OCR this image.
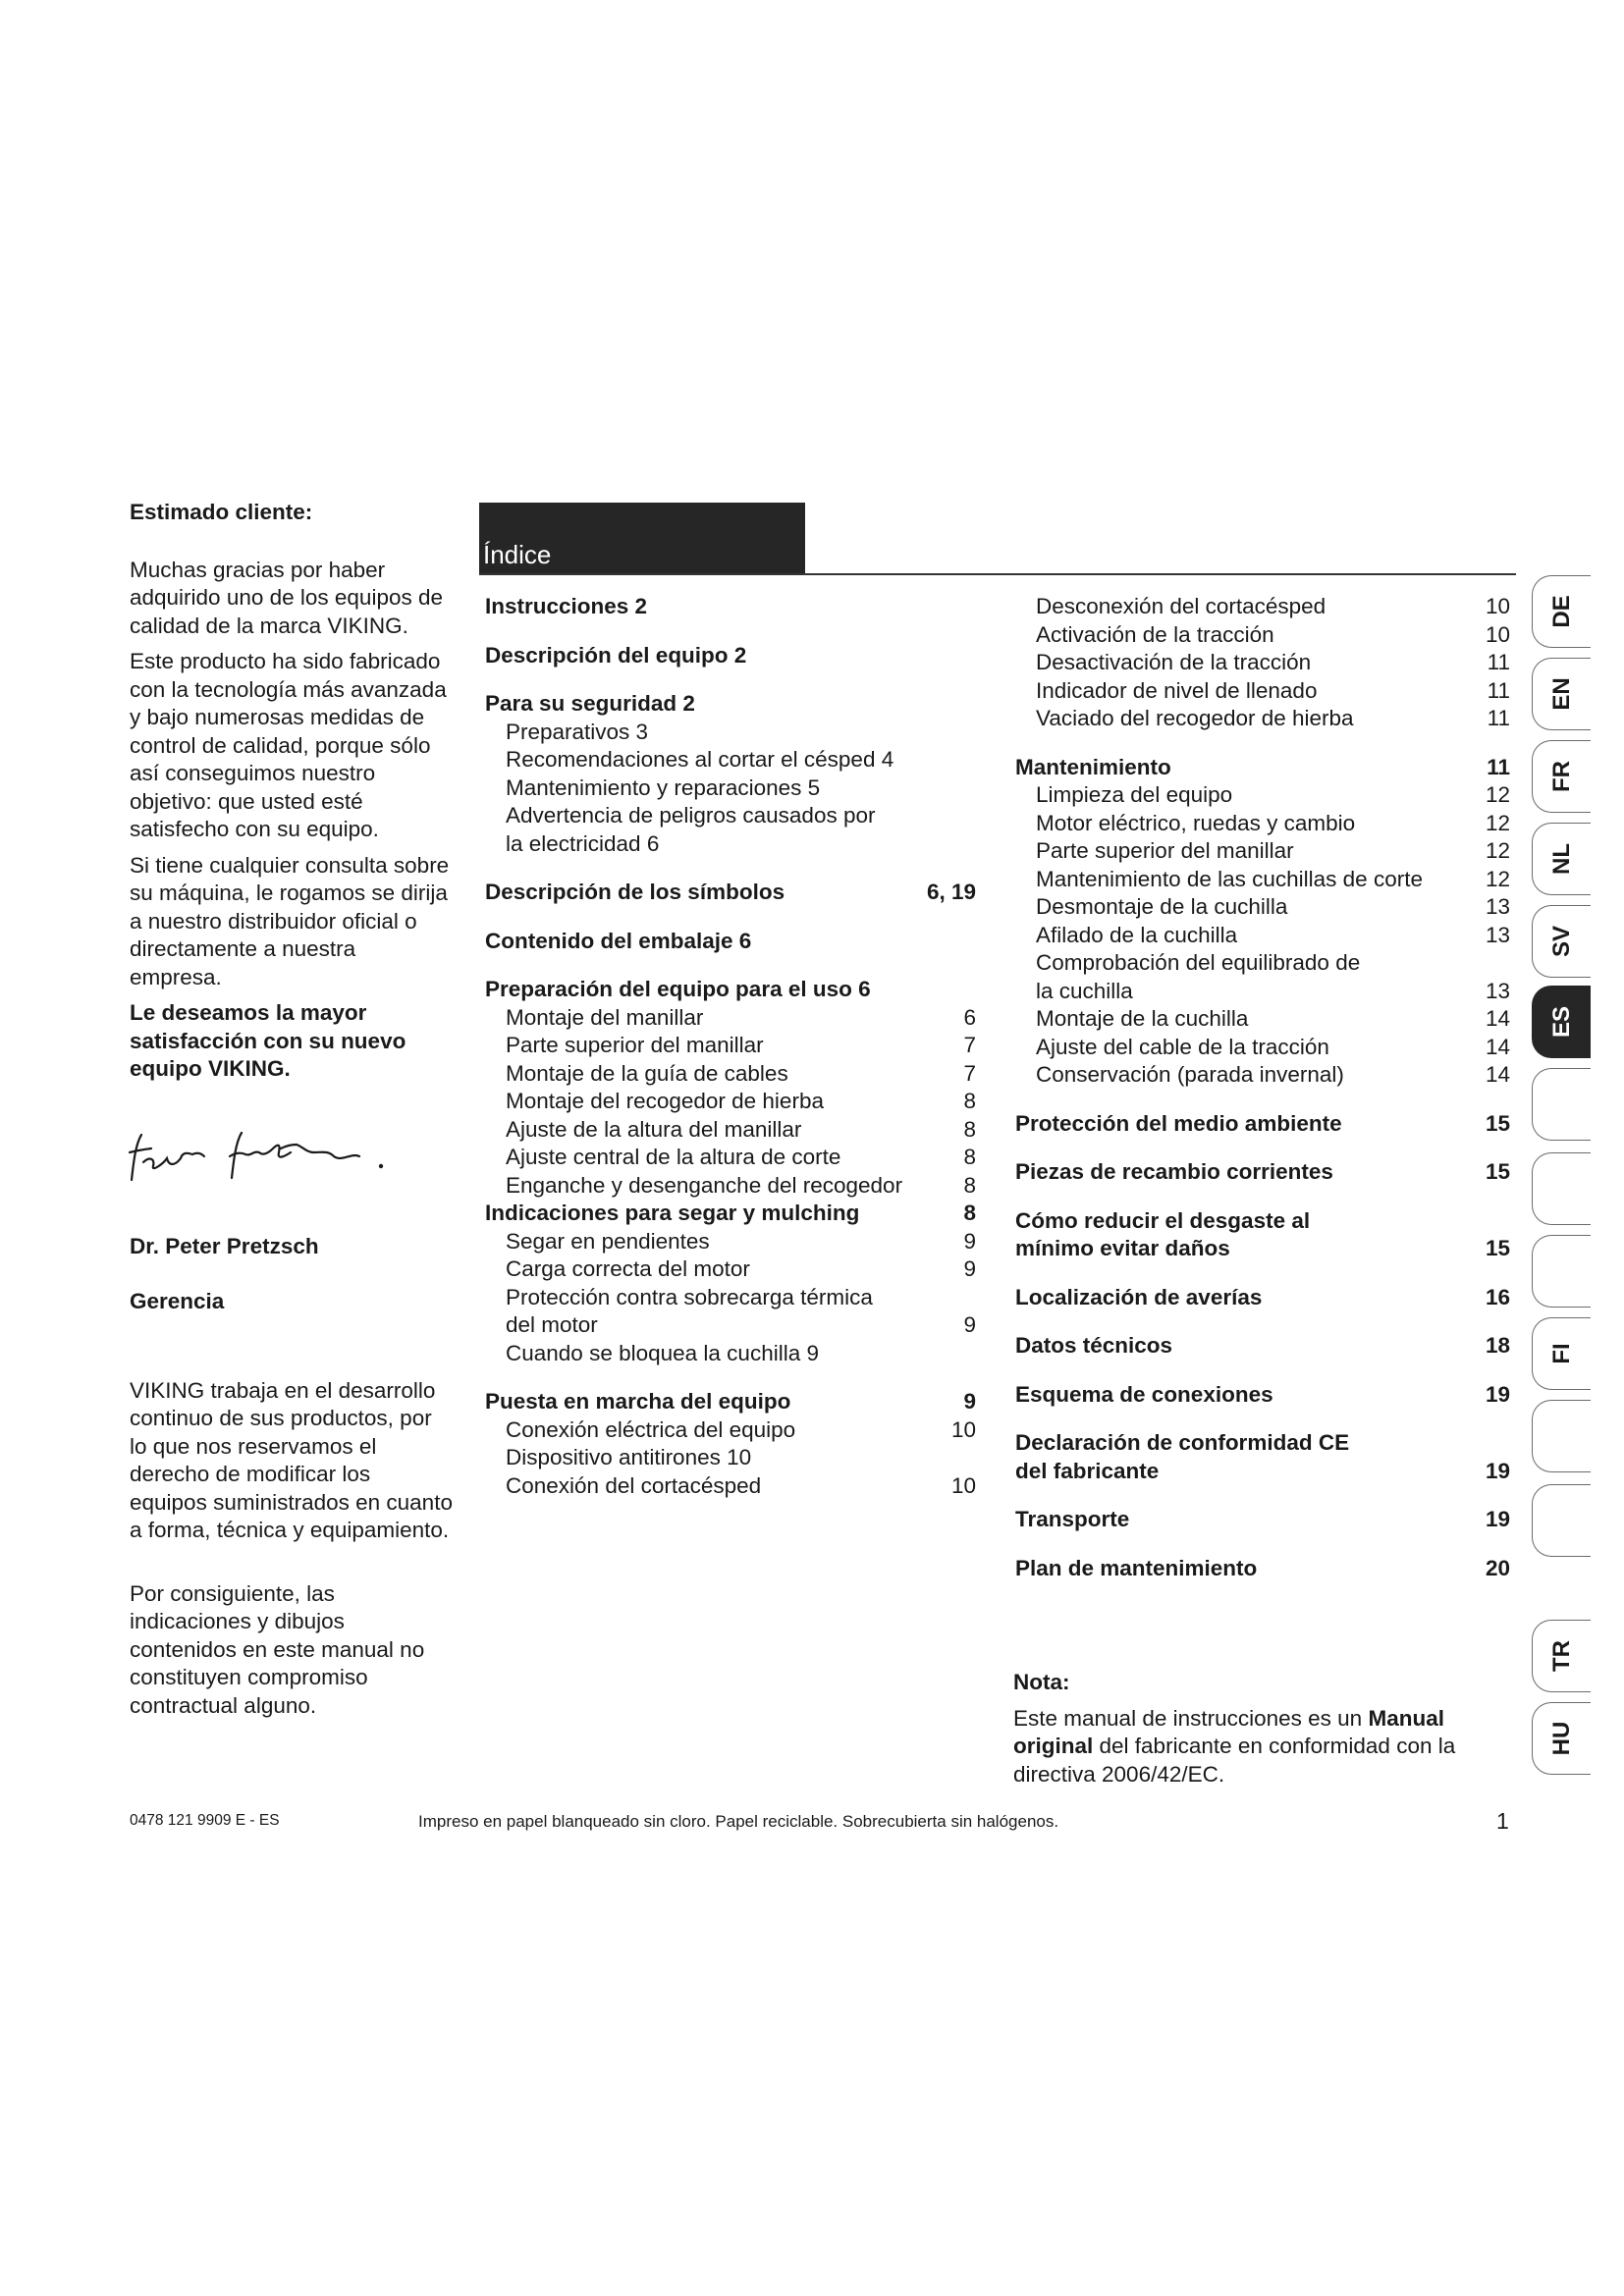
Estimado cliente:

Muchas gracias por haber adquirido uno de los equipos de calidad de la marca VIKING.

Este producto ha sido fabricado con la tecnología más avanzada y bajo numerosas medidas de control de calidad, porque sólo así conseguimos nuestro objetivo: que usted esté satisfecho con su equipo.

Si tiene cualquier consulta sobre su máquina, le rogamos se dirija a nuestro distribuidor oficial o directamente a nuestra empresa.

Le deseamos la mayor satisfacción con su nuevo equipo VIKING.

Dr. Peter Pretzsch

Gerencia

VIKING trabaja en el desarrollo continuo de sus productos, por lo que nos reservamos el derecho de modificar los equipos suministrados en cuanto a forma, técnica y equipamiento.

Por consiguiente, las indicaciones y dibujos contenidos en este manual no constituyen compromiso contractual alguno.

Índice
Instrucciones 2
Descripción del equipo 2
Para su seguridad 2
Preparativos 3
Recomendaciones al cortar el césped 4
Mantenimiento y reparaciones 5
Advertencia de peligros causados por
la electricidad 6
Descripción de los símbolos	6, 19
Contenido del embalaje 6
Preparación del equipo para el uso 6
Montaje del manillar	6
Parte superior del manillar	7
Montaje de la guía de cables	7
Montaje del recogedor de hierba	8
Ajuste de la altura del manillar	8
Ajuste central de la altura de corte	8
Enganche y desenganche del recogedor	8
Indicaciones para segar y mulching	8
Segar en pendientes	9
Carga correcta del motor	9
Protección contra sobrecarga térmica
del motor	9
Cuando se bloquea la cuchilla 9
Puesta en marcha del equipo	9
Conexión eléctrica del equipo	10
Dispositivo antitirones 10
Conexión del cortacésped	10
Desconexión del cortacésped	10
Activación de la tracción	10
Desactivación de la tracción	11
Indicador de nivel de llenado	11
Vaciado del recogedor de hierba	11
Mantenimiento	11
Limpieza del equipo	12
Motor eléctrico, ruedas y cambio	12
Parte superior del manillar	12
Mantenimiento de las cuchillas de corte	12
Desmontaje de la cuchilla	13
Afilado de la cuchilla	13
Comprobación del equilibrado de
la cuchilla	13
Montaje de la cuchilla	14
Ajuste del cable de la tracción	14
Conservación (parada invernal)	14
Protección del medio ambiente	15
Piezas de recambio corrientes	15
Cómo reducir el desgaste al
mínimo evitar daños	15
Localización de averías	16
Datos técnicos	18
Esquema de conexiones	19
Declaración de conformidad CE
del fabricante	19
Transporte	19
Plan de mantenimiento	20
Nota:
Este manual de instrucciones es un Manual original del fabricante en conformidad con la directiva 2006/42/EC.
0478 121 9909 E - ES	Impreso en papel blanqueado sin cloro. Papel reciclable. Sobrecubierta sin halógenos.	1
DE
EN
FR
NL
SV
ES
FI
TR
HU
